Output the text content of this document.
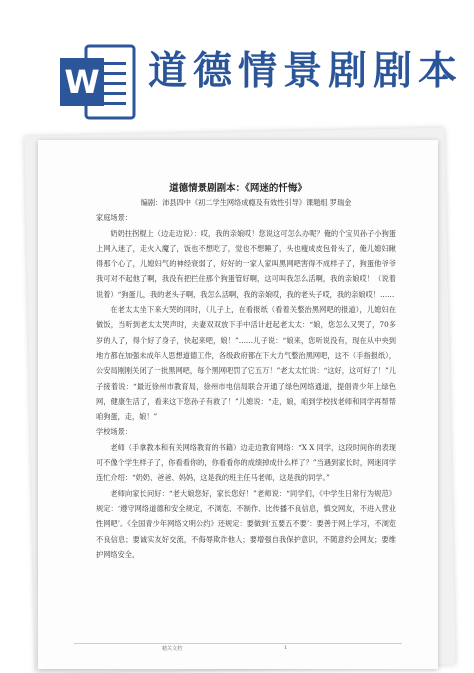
W 道德情景剧剧本
道德情景剧剧本：《网迷的忏悔》

编剧：沛县四中《初二学生网络成瘾及有效性引导》课题组 罗瑞金

家庭场景：

奶奶拄拐棍上（边走边说）：哎，我的亲娘哎！您说这可怎么办呢？俺的个宝贝孙子小狗蛋上网入迷了，走火入魔了，饭也不想吃了，觉也不想睡了，头也瘦成皮包骨头了，俺儿媳妇瞅得那个心了，儿媳妇气的神经衰弱了，好好的一家人家叫黑网吧害得不成样子了，狗蛋他爷爷我可对不起他了啊，我没有把拦住那个狗蛋管好啊，这可叫我怎么活啊，我的亲娘哎！（说着说着）“狗蛋儿，我的老头子啊，我怎么活啊，我的亲娘哎，我的老头子哎，我的亲娘哎！……

在老太太坐下来大哭的同时，（儿子上，在看报纸（看着关整治黑网吧的报道），儿媳妇在做饭，当听到老太太哭声时，夫妻双双放下手中活计赶起老太太：“娘，您怎么又哭了，70多岁的人了，得个好了身子，快起来吧，娘！”……儿子说：“娘来，您听说没有，现在从中央到地方都在加强未成年人思想道德工作，各级政府都在下大力气整治黑网吧，这不（手指报纸），公安局刚刚关闭了一批黑网吧，每个黑网吧罚了它五万！”老太太忙说：“这好，这可好了！”儿子接着说：“最近徐州市教育局，徐州市电信局联合开通了绿色网络通道，提倡青少年上绿色网，健康生活了，看来这下您孙子有救了！”儿媳说：“走，娘，咱到学校找老师和同学再帮帮咱狗蛋，走，娘！”

学校场景：

老师（手拿教本和有关网络教育的书籍）边走边教育网络：“X X 同学，这段时间你的表现可不像个学生样子了，你看看你的，你看看你的成绩掉成什么样了？”当遇到家长时，网迷同学连忙介绍：“奶奶、爸爸、妈妈，这是我的班主任马老师，这是我的同学。”

老师向家长问好：“老大娘您好，家长您好！”老师说：“同学们，《中学生日常行为规范》规定：‘遵守网络道德和安全规定，不浏览、不制作、比传播不良信息，慎交网友，不进入营业性网吧’。《全国青少年网络文明公约》还规定：要做到‘五要五不要’：要善于网上学习，不浏览不良信息；要诚实友好交流，不侮辱欺诈他人；要增强自我保护意识，不随意约会网友；要维护网络安全，

精关文档	1
